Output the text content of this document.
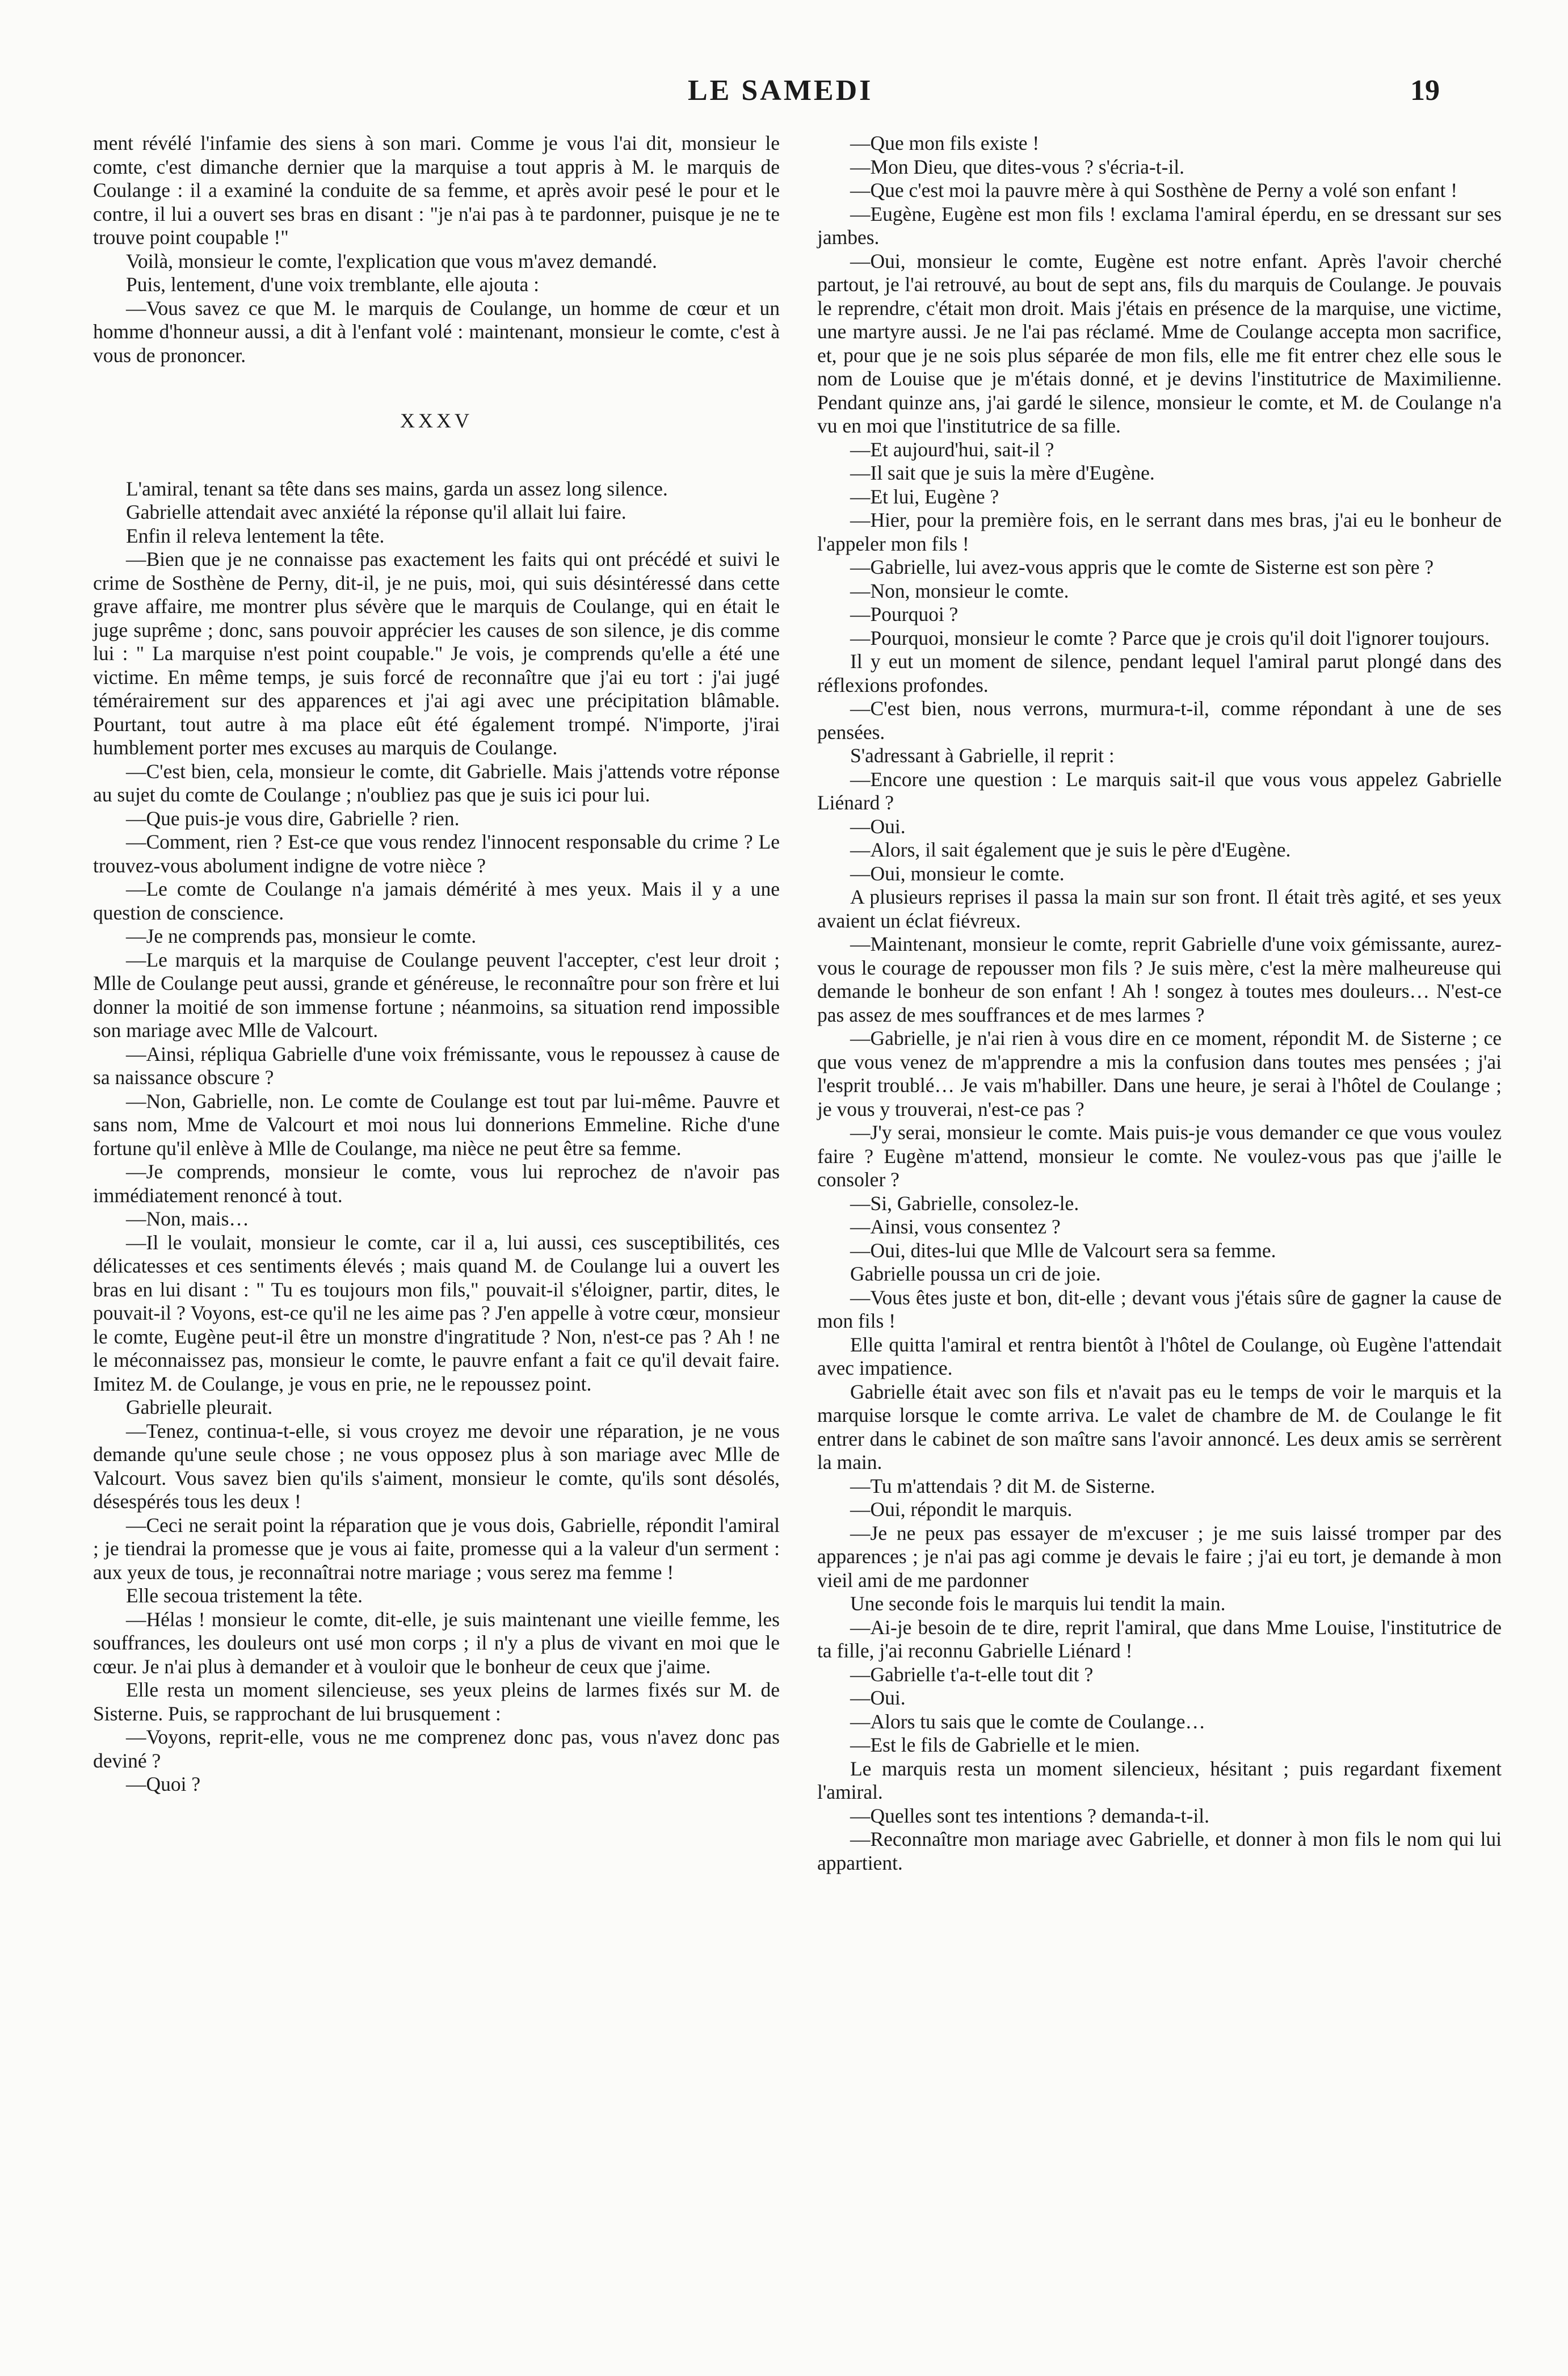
LE SAMEDI	19

ment révélé l'infamie des siens à son mari. Comme je vous l'ai dit, monsieur le comte, c'est dimanche dernier que la marquise a tout appris à M. le marquis de Coulange : il a examiné la conduite de sa femme, et après avoir pesé le pour et le contre, il lui a ouvert ses bras en disant : "je n'ai pas à te pardonner, puisque je ne te trouve point coupable !"

Voilà, monsieur le comte, l'explication que vous m'avez demandé.

Puis, lentement, d'une voix tremblante, elle ajouta :

—Vous savez ce que M. le marquis de Coulange, un homme de cœur et un homme d'honneur aussi, a dit à l'enfant volé : maintenant, monsieur le comte, c'est à vous de prononcer.

XXXV

L'amiral, tenant sa tête dans ses mains, garda un assez long silence.

Gabrielle attendait avec anxiété la réponse qu'il allait lui faire.

Enfin il releva lentement la tête.

—Bien que je ne connaisse pas exactement les faits qui ont précédé et suivi le crime de Sosthène de Perny, dit-il, je ne puis, moi, qui suis désintéressé dans cette grave affaire, me montrer plus sévère que le marquis de Coulange, qui en était le juge suprême ; donc, sans pouvoir apprécier les causes de son silence, je dis comme lui : " La marquise n'est point coupable." Je vois, je comprends qu'elle a été une victime. En même temps, je suis forcé de reconnaître que j'ai eu tort : j'ai jugé témérairement sur des apparences et j'ai agi avec une précipitation blâmable. Pourtant, tout autre à ma place eût été également trompé. N'importe, j'irai humblement porter mes excuses au marquis de Coulange.

—C'est bien, cela, monsieur le comte, dit Gabrielle. Mais j'attends votre réponse au sujet du comte de Coulange ; n'oubliez pas que je suis ici pour lui.

—Que puis-je vous dire, Gabrielle ? rien.

—Comment, rien ? Est-ce que vous rendez l'innocent responsable du crime ? Le trouvez-vous abolument indigne de votre nièce ?

—Le comte de Coulange n'a jamais démérité à mes yeux. Mais il y a une question de conscience.

—Je ne comprends pas, monsieur le comte.

—Le marquis et la marquise de Coulange peuvent l'accepter, c'est leur droit ; Mlle de Coulange peut aussi, grande et généreuse, le reconnaître pour son frère et lui donner la moitié de son immense fortune ; néanmoins, sa situation rend impossible son mariage avec Mlle de Valcourt.

—Ainsi, répliqua Gabrielle d'une voix frémissante, vous le repoussez à cause de sa naissance obscure ?

—Non, Gabrielle, non. Le comte de Coulange est tout par lui-même. Pauvre et sans nom, Mme de Valcourt et moi nous lui donnerions Emmeline. Riche d'une fortune qu'il enlève à Mlle de Coulange, ma nièce ne peut être sa femme.

—Je comprends, monsieur le comte, vous lui reprochez de n'avoir pas immédiatement renoncé à tout.

—Non, mais…

—Il le voulait, monsieur le comte, car il a, lui aussi, ces susceptibilités, ces délicatesses et ces sentiments élevés ; mais quand M. de Coulange lui a ouvert les bras en lui disant : " Tu es toujours mon fils," pouvait-il s'éloigner, partir, dites, le pouvait-il ? Voyons, est-ce qu'il ne les aime pas ? J'en appelle à votre cœur, monsieur le comte, Eugène peut-il être un monstre d'ingratitude ? Non, n'est-ce pas ? Ah ! ne le méconnaissez pas, monsieur le comte, le pauvre enfant a fait ce qu'il devait faire. Imitez M. de Coulange, je vous en prie, ne le repoussez point.

Gabrielle pleurait.

—Tenez, continua-t-elle, si vous croyez me devoir une réparation, je ne vous demande qu'une seule chose ; ne vous opposez plus à son mariage avec Mlle de Valcourt. Vous savez bien qu'ils s'aiment, monsieur le comte, qu'ils sont désolés, désespérés tous les deux !

—Ceci ne serait point la réparation que je vous dois, Gabrielle, répondit l'amiral ; je tiendrai la promesse que je vous ai faite, promesse qui a la valeur d'un serment : aux yeux de tous, je reconnaîtrai notre mariage ; vous serez ma femme !

Elle secoua tristement la tête.

—Hélas ! monsieur le comte, dit-elle, je suis maintenant une vieille femme, les souffrances, les douleurs ont usé mon corps ; il n'y a plus de vivant en moi que le cœur. Je n'ai plus à demander et à vouloir que le bonheur de ceux que j'aime.

Elle resta un moment silencieuse, ses yeux pleins de larmes fixés sur M. de Sisterne. Puis, se rapprochant de lui brusquement :

—Voyons, reprit-elle, vous ne me comprenez donc pas, vous n'avez donc pas deviné ?

—Quoi ?

—Que mon fils existe !

—Mon Dieu, que dites-vous ? s'écria-t-il.

—Que c'est moi la pauvre mère à qui Sosthène de Perny a volé son enfant !

—Eugène, Eugène est mon fils ! exclama l'amiral éperdu, en se dressant sur ses jambes.

—Oui, monsieur le comte, Eugène est notre enfant. Après l'avoir cherché partout, je l'ai retrouvé, au bout de sept ans, fils du marquis de Coulange. Je pouvais le reprendre, c'était mon droit. Mais j'étais en présence de la marquise, une victime, une martyre aussi. Je ne l'ai pas réclamé. Mme de Coulange accepta mon sacrifice, et, pour que je ne sois plus séparée de mon fils, elle me fit entrer chez elle sous le nom de Louise que je m'étais donné, et je devins l'institutrice de Maximilienne. Pendant quinze ans, j'ai gardé le silence, monsieur le comte, et M. de Coulange n'a vu en moi que l'institutrice de sa fille.

—Et aujourd'hui, sait-il ?

—Il sait que je suis la mère d'Eugène.

—Et lui, Eugène ?

—Hier, pour la première fois, en le serrant dans mes bras, j'ai eu le bonheur de l'appeler mon fils !

—Gabrielle, lui avez-vous appris que le comte de Sisterne est son père ?

—Non, monsieur le comte.

—Pourquoi ?

—Pourquoi, monsieur le comte ? Parce que je crois qu'il doit l'ignorer toujours.

Il y eut un moment de silence, pendant lequel l'amiral parut plongé dans des réflexions profondes.

—C'est bien, nous verrons, murmura-t-il, comme répondant à une de ses pensées.

S'adressant à Gabrielle, il reprit :

—Encore une question : Le marquis sait-il que vous vous appelez Gabrielle Liénard ?

—Oui.

—Alors, il sait également que je suis le père d'Eugène.

—Oui, monsieur le comte.

A plusieurs reprises il passa la main sur son front. Il était très agité, et ses yeux avaient un éclat fiévreux.

—Maintenant, monsieur le comte, reprit Gabrielle d'une voix gémissante, aurez-vous le courage de repousser mon fils ? Je suis mère, c'est la mère malheureuse qui demande le bonheur de son enfant ! Ah ! songez à toutes mes douleurs… N'est-ce pas assez de mes souffrances et de mes larmes ?

—Gabrielle, je n'ai rien à vous dire en ce moment, répondit M. de Sisterne ; ce que vous venez de m'apprendre a mis la confusion dans toutes mes pensées ; j'ai l'esprit troublé… Je vais m'habiller. Dans une heure, je serai à l'hôtel de Coulange ; je vous y trouverai, n'est-ce pas ?

—J'y serai, monsieur le comte. Mais puis-je vous demander ce que vous voulez faire ? Eugène m'attend, monsieur le comte. Ne voulez-vous pas que j'aille le consoler ?

—Si, Gabrielle, consolez-le.

—Ainsi, vous consentez ?

—Oui, dites-lui que Mlle de Valcourt sera sa femme.

Gabrielle poussa un cri de joie.

—Vous êtes juste et bon, dit-elle ; devant vous j'étais sûre de gagner la cause de mon fils !

Elle quitta l'amiral et rentra bientôt à l'hôtel de Coulange, où Eugène l'attendait avec impatience.

Gabrielle était avec son fils et n'avait pas eu le temps de voir le marquis et la marquise lorsque le comte arriva. Le valet de chambre de M. de Coulange le fit entrer dans le cabinet de son maître sans l'avoir annoncé. Les deux amis se serrèrent la main.

—Tu m'attendais ? dit M. de Sisterne.

—Oui, répondit le marquis.

—Je ne peux pas essayer de m'excuser ; je me suis laissé tromper par des apparences ; je n'ai pas agi comme je devais le faire ; j'ai eu tort, je demande à mon vieil ami de me pardonner

Une seconde fois le marquis lui tendit la main.

—Ai-je besoin de te dire, reprit l'amiral, que dans Mme Louise, l'institutrice de ta fille, j'ai reconnu Gabrielle Liénard !

—Gabrielle t'a-t-elle tout dit ?

—Oui.

—Alors tu sais que le comte de Coulange…

—Est le fils de Gabrielle et le mien.

Le marquis resta un moment silencieux, hésitant ; puis regardant fixement l'amiral.

—Quelles sont tes intentions ? demanda-t-il.

—Reconnaître mon mariage avec Gabrielle, et donner à mon fils le nom qui lui appartient.
